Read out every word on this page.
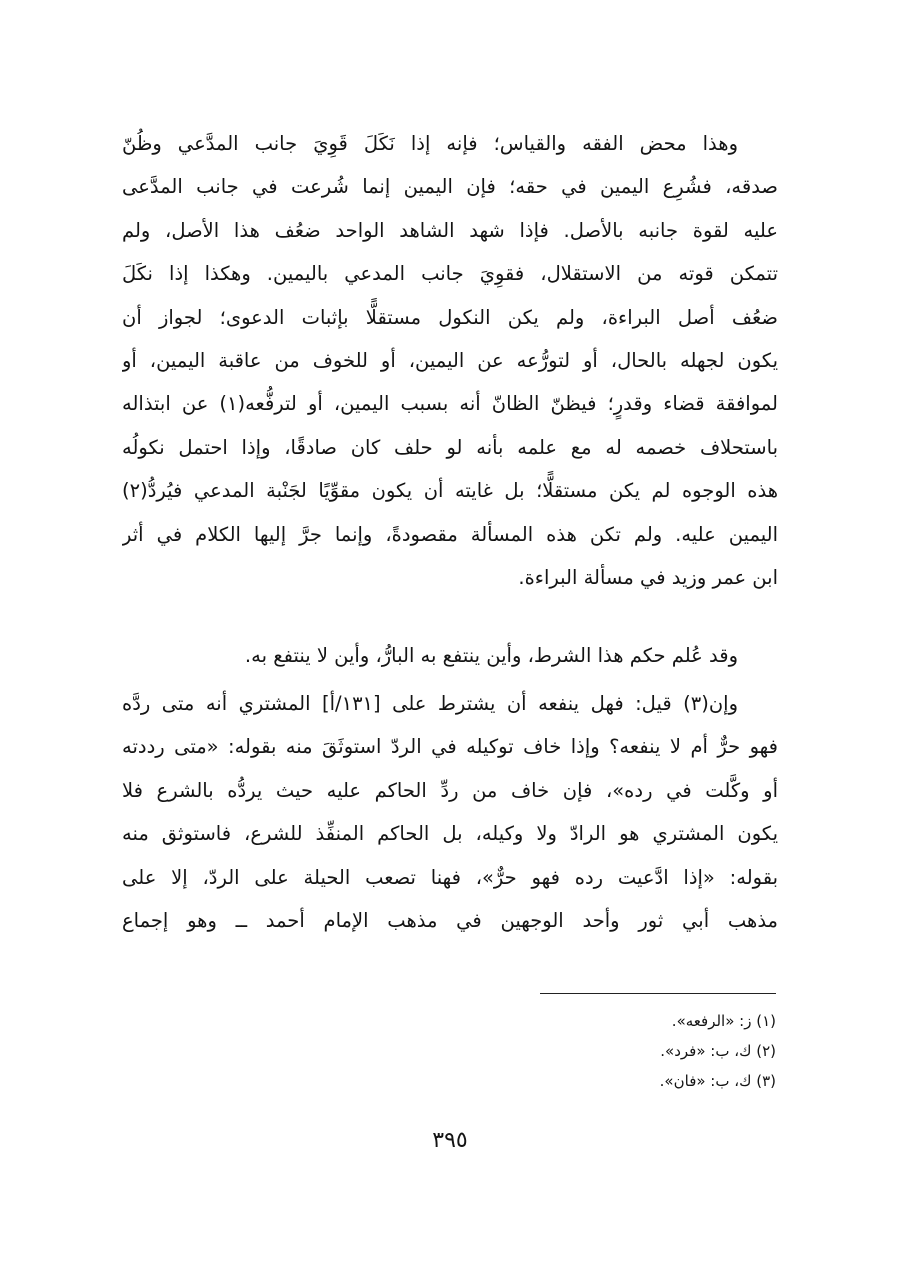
وهذا محض الفقه والقياس؛ فإنه إذا نَكَلَ قَوِيَ جانب المدَّعي وظُنّ
صدقه، فشُرِع اليمين في حقه؛ فإن اليمين إنما شُرعت في جانب المدَّعى
عليه لقوة جانبه بالأصل. فإذا شهد الشاهد الواحد ضعُف هذا الأصل، ولم
تتمكن قوته من الاستقلال، فقوِيَ جانب المدعي باليمين. وهكذا إذا نكَلَ
ضعُف أصل البراءة، ولم يكن النكول مستقلًّا بإثبات الدعوى؛ لجواز أن
يكون لجهله بالحال، أو لتورُّعه عن اليمين، أو للخوف من عاقبة اليمين، أو
لموافقة قضاء وقدرٍ؛ فيظنّ الظانّ أنه بسبب اليمين، أو لترفُّعه(١) عن ابتذاله
باستحلاف خصمه له مع علمه بأنه لو حلف كان صادقًا، وإذا احتمل نكولُه
هذه الوجوه لم يكن مستقلًّا؛ بل غايته أن يكون مقوِّيًا لجَنْبة المدعي فيُردُّ(٢)
اليمين عليه. ولم تكن هذه المسألة مقصودةً، وإنما جرَّ إليها الكلام في أثر
ابن عمر وزيد في مسألة البراءة.
وقد عُلم حكم هذا الشرط، وأين ينتفع به البارُّ، وأين لا ينتفع به.
وإن(٣) قيل: فهل ينفعه أن يشترط على [١٣١/أ] المشتري أنه متى ردَّه
فهو حرٌّ أم لا ينفعه؟ وإذا خاف توكيله في الردّ استوثَقَ منه بقوله: «متى رددته
أو وكَّلت في رده»، فإن خاف من ردِّ الحاكم عليه حيث يردُّه بالشرع فلا
يكون المشتري هو الرادّ ولا وكيله، بل الحاكم المنفِّذ للشرع، فاستوثق منه
بقوله: «إذا ادَّعيت رده فهو حرٌّ»، فهنا تصعب الحيلة على الردّ، إلا على
مذهب أبي ثور وأحد الوجهين في مذهب الإمام أحمد ــ وهو إجماع
(١) ز: «الرفعه».
(٢) ك، ب: «فرد».
(٣) ك، ب: «فان».
٣٩٥
